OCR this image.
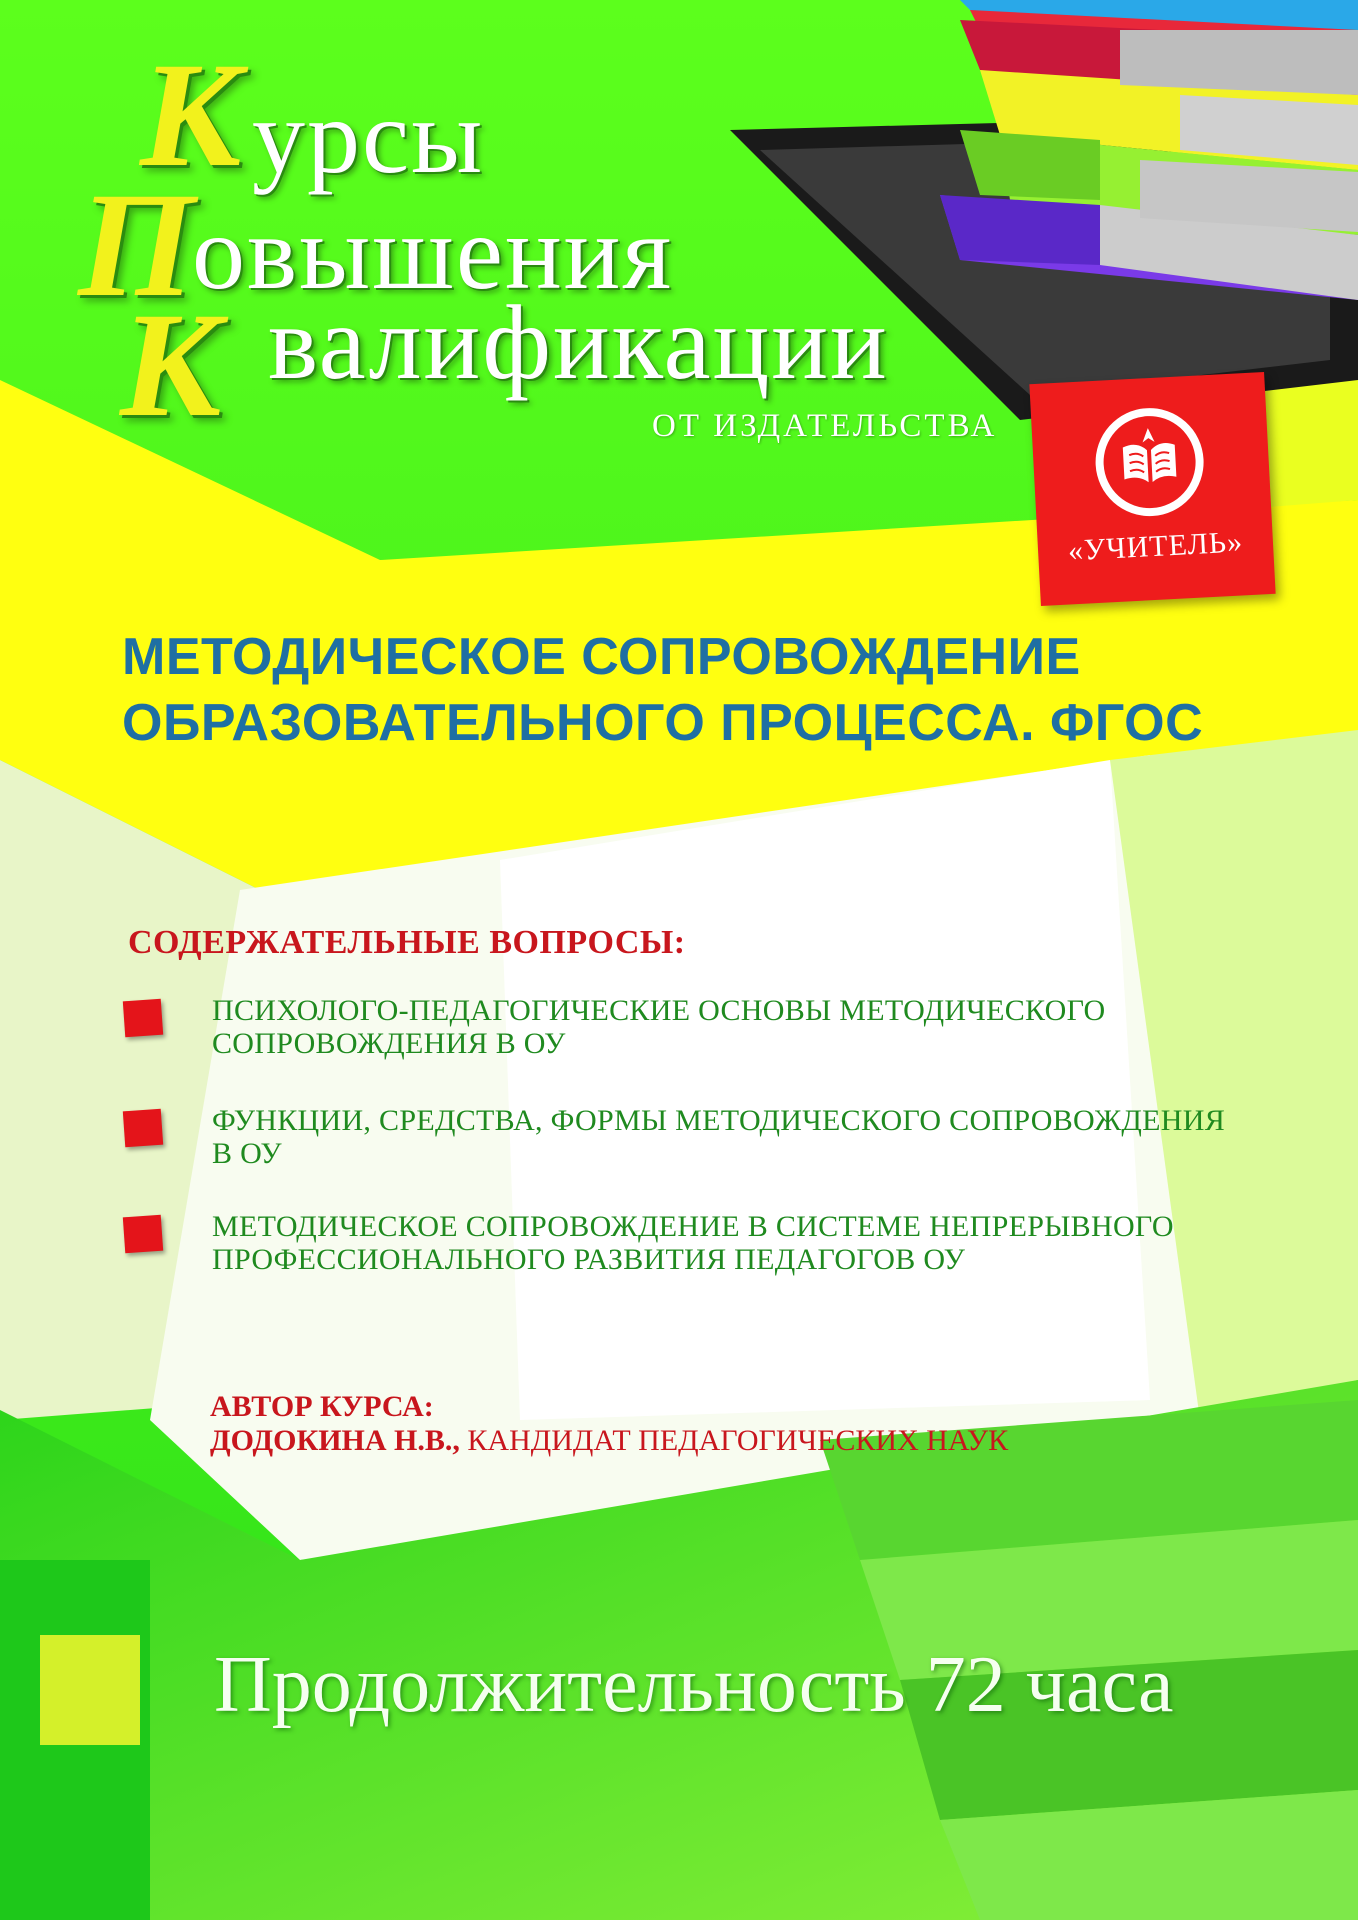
К урсы
П
овышения
К валификации
ОТ ИЗДАТЕЛЬСТВА
«УЧИТЕЛЬ»
МЕТОДИЧЕСКОЕ СОПРОВОЖДЕНИЕ
ОБРАЗОВАТЕЛЬНОГО ПРОЦЕССА. ФГОС
СОДЕРЖАТЕЛЬНЫЕ ВОПРОСЫ:
ПСИХОЛОГО-ПЕДАГОГИЧЕСКИЕ ОСНОВЫ МЕТОДИЧЕСКОГО
СОПРОВОЖДЕНИЯ В ОУ
ФУНКЦИИ, СРЕДСТВА, ФОРМЫ МЕТОДИЧЕСКОГО СОПРОВОЖДЕНИЯ
В ОУ
МЕТОДИЧЕСКОЕ СОПРОВОЖДЕНИЕ В СИСТЕМЕ НЕПРЕРЫВНОГО
ПРОФЕССИОНАЛЬНОГО РАЗВИТИЯ ПЕДАГОГОВ ОУ
АВТОР КУРСА:
ДОДОКИНА Н.В., КАНДИДАТ ПЕДАГОГИЧЕСКИХ НАУК
Продолжительность 72 часа
